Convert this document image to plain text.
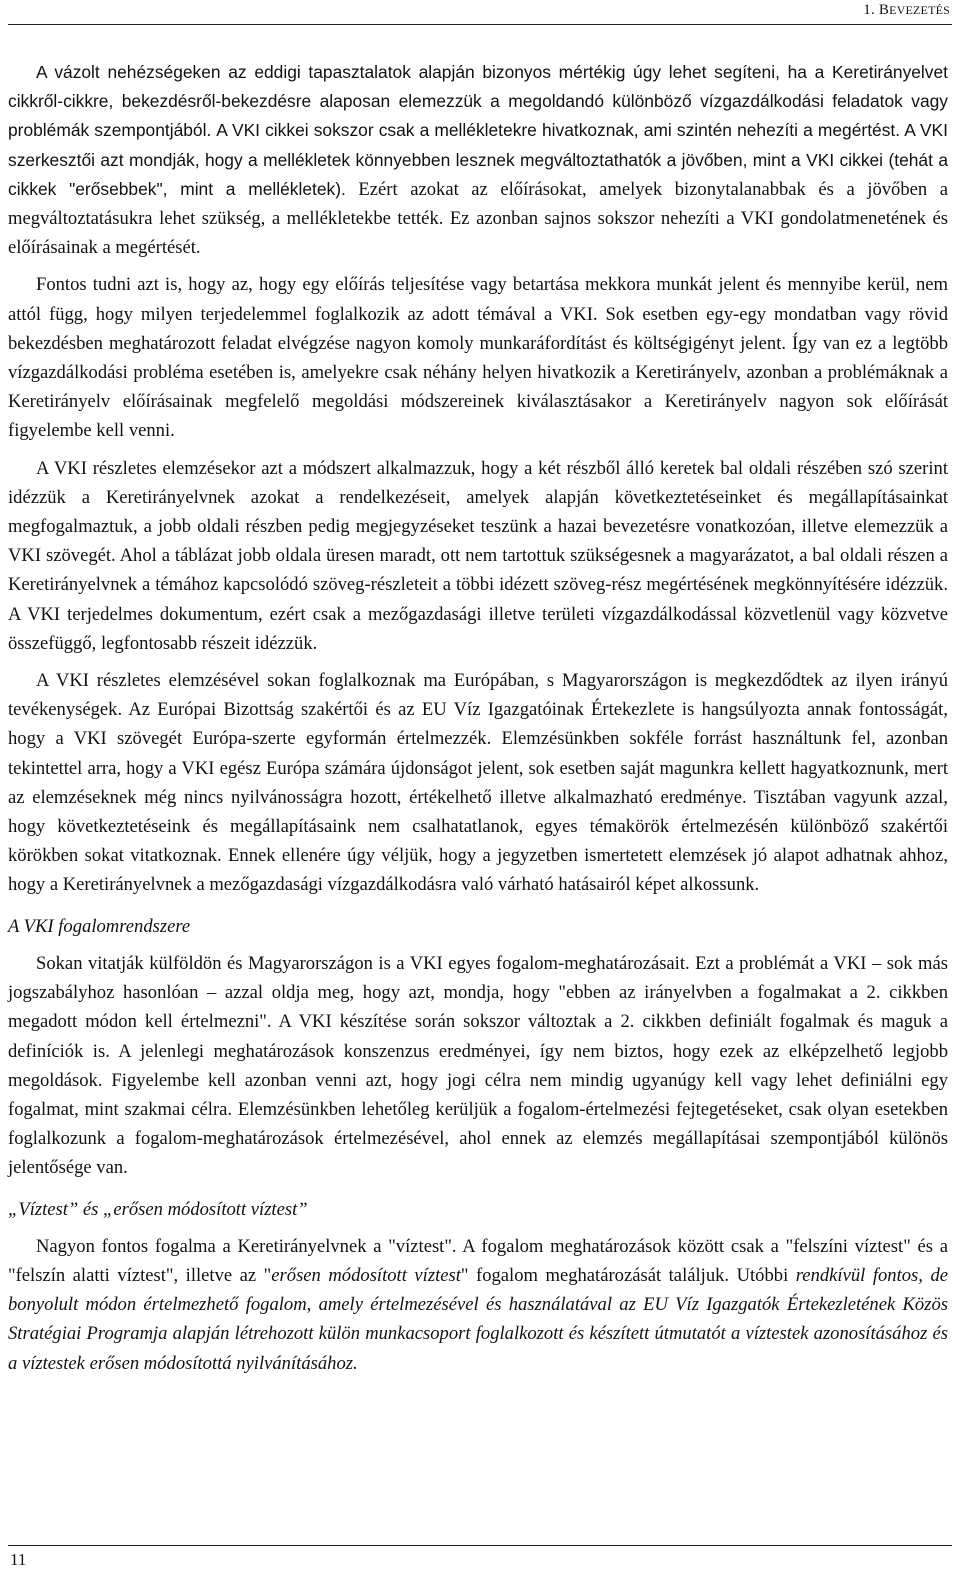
1. BEVEZETÉS

A vázolt nehézségeken az eddigi tapasztalatok alapján bizonyos mértékig úgy lehet segíteni, ha a Keretirányelvet cikkről-cikkre, bekezdésről-bekezdésre alaposan elemezzük a megoldandó különböző vízgazdálkodási feladatok vagy problémák szempontjából. A VKI cikkei sokszor csak a mellékletekre hivatkoznak, ami szintén nehezíti a megértést. A VKI szerkesztői azt mondják, hogy a mellékletek könnyebben lesznek megváltoztathatók a jövőben, mint a VKI cikkei (tehát a cikkek "erősebbek", mint a mellékletek). Ezért azokat az előírásokat, amelyek bizonytalanabbak és a jövőben a megváltoztatásukra lehet szükség, a mellékletekbe tették. Ez azonban sajnos sokszor nehezíti a VKI gondolatmenetének és előírásainak a megértését.

Fontos tudni azt is, hogy az, hogy egy előírás teljesítése vagy betartása mekkora munkát jelent és mennyibe kerül, nem attól függ, hogy milyen terjedelemmel foglalkozik az adott témával a VKI. Sok esetben egy-egy mondatban vagy rövid bekezdésben meghatározott feladat elvégzése nagyon komoly munkaráfordítást és költségigényt jelent. Így van ez a legtöbb vízgazdálkodási probléma esetében is, amelyekre csak néhány helyen hivatkozik a Keretirányelv, azonban a problémáknak a Keretirányelv előírásainak megfelelő megoldási módszereinek kiválasztásakor a Keretirányelv nagyon sok előírását figyelembe kell venni.

A VKI részletes elemzésekor azt a módszert alkalmazzuk, hogy a két részből álló keretek bal oldali részében szó szerint idézzük a Keretirányelvnek azokat a rendelkezéseit, amelyek alapján következtetéseinket és megállapításainkat megfogalmaztuk, a jobb oldali részben pedig megjegyzéseket teszünk a hazai bevezetésre vonatkozóan, illetve elemezzük a VKI szövegét. Ahol a táblázat jobb oldala üresen maradt, ott nem tartottuk szükségesnek a magyarázatot, a bal oldali részen a Keretirányelvnek a témához kapcsolódó szöveg-részleteit a többi idézett szöveg-rész megértésének megkönnyítésére idézzük. A VKI terjedelmes dokumentum, ezért csak a mezőgazdasági illetve területi vízgazdálkodással közvetlenül vagy közvetve összefüggő, legfontosabb részeit idézzük.

A VKI részletes elemzésével sokan foglalkoznak ma Európában, s Magyarországon is megkezdődtek az ilyen irányú tevékenységek. Az Európai Bizottság szakértői és az EU Víz Igazgatóinak Értekezlete is hangsúlyozta annak fontosságát, hogy a VKI szövegét Európa-szerte egyformán értelmezzék. Elemzésünkben sokféle forrást használtunk fel, azonban tekintettel arra, hogy a VKI egész Európa számára újdonságot jelent, sok esetben saját magunkra kellett hagyatkoznunk, mert az elemzéseknek még nincs nyilvánosságra hozott, értékelhető illetve alkalmazható eredménye. Tisztában vagyunk azzal, hogy következtetéseink és megállapításaink nem csalhatatlanok, egyes témakörök értelmezésén különböző szakértői körökben sokat vitatkoznak. Ennek ellenére úgy véljük, hogy a jegyzetben ismertetett elemzések jó alapot adhatnak ahhoz, hogy a Keretirányelvnek a mezőgazdasági vízgazdálkodásra való várható hatásairól képet alkossunk.

A VKI fogalomrendszere

Sokan vitatják külföldön és Magyarországon is a VKI egyes fogalom-meghatározásait. Ezt a problémát a VKI – sok más jogszabályhoz hasonlóan – azzal oldja meg, hogy azt, mondja, hogy "ebben az irányelvben a fogalmakat a 2. cikkben megadott módon kell értelmezni". A VKI készítése során sokszor változtak a 2. cikkben definiált fogalmak és maguk a definíciók is. A jelenlegi meghatározások konszenzus eredményei, így nem biztos, hogy ezek az elképzelhető legjobb megoldások. Figyelembe kell azonban venni azt, hogy jogi célra nem mindig ugyanúgy kell vagy lehet definiálni egy fogalmat, mint szakmai célra. Elemzésünkben lehetőleg kerüljük a fogalom-értelmezési fejtegetéseket, csak olyan esetekben foglalkozunk a fogalom-meghatározások értelmezésével, ahol ennek az elemzés megállapításai szempontjából különös jelentősége van.

„Víztest” és „erősen módosított víztest”

Nagyon fontos fogalma a Keretirányelvnek a "víztest". A fogalom meghatározások között csak a "felszíni víztest" és a "felszín alatti víztest", illetve az "erősen módosított víztest" fogalom meghatározását találjuk. Utóbbi rendkívül fontos, de bonyolult módon értelmezhető fogalom, amely értelmezésével és használatával az EU Víz Igazgatók Értekezletének Közös Stratégiai Programja alapján létrehozott külön munkacsoport foglalkozott és készített útmutatót a víztestek azonosításához és a víztestek erősen módosítottá nyilvánításához.

11
